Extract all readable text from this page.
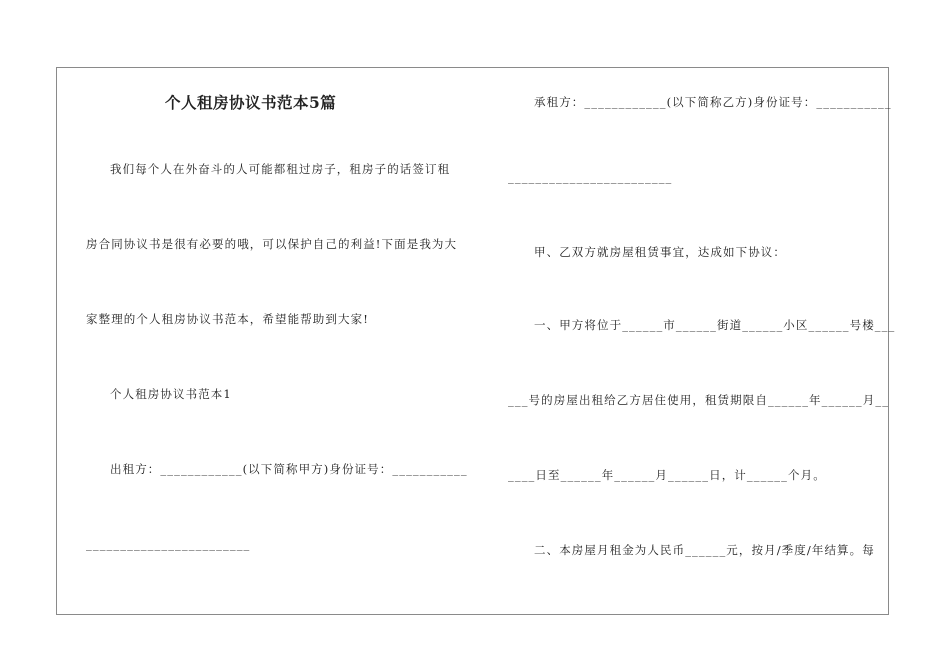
个人租房协议书范本5篇
我们每个人在外奋斗的人可能都租过房子，租房子的话签订租
房合同协议书是很有必要的哦，可以保护自己的利益!下面是我为大
家整理的个人租房协议书范本，希望能帮助到大家!
个人租房协议书范本1
出租方：____________(以下简称甲方)身份证号：___________
________________________
承租方：____________(以下简称乙方)身份证号：___________
________________________
甲、乙双方就房屋租赁事宜，达成如下协议：
一、甲方将位于______市______街道______小区______号楼___
___号的房屋出租给乙方居住使用，租赁期限自______年______月__
____日至______年______月______日，计______个月。
二、本房屋月租金为人民币______元，按月/季度/年结算。每
